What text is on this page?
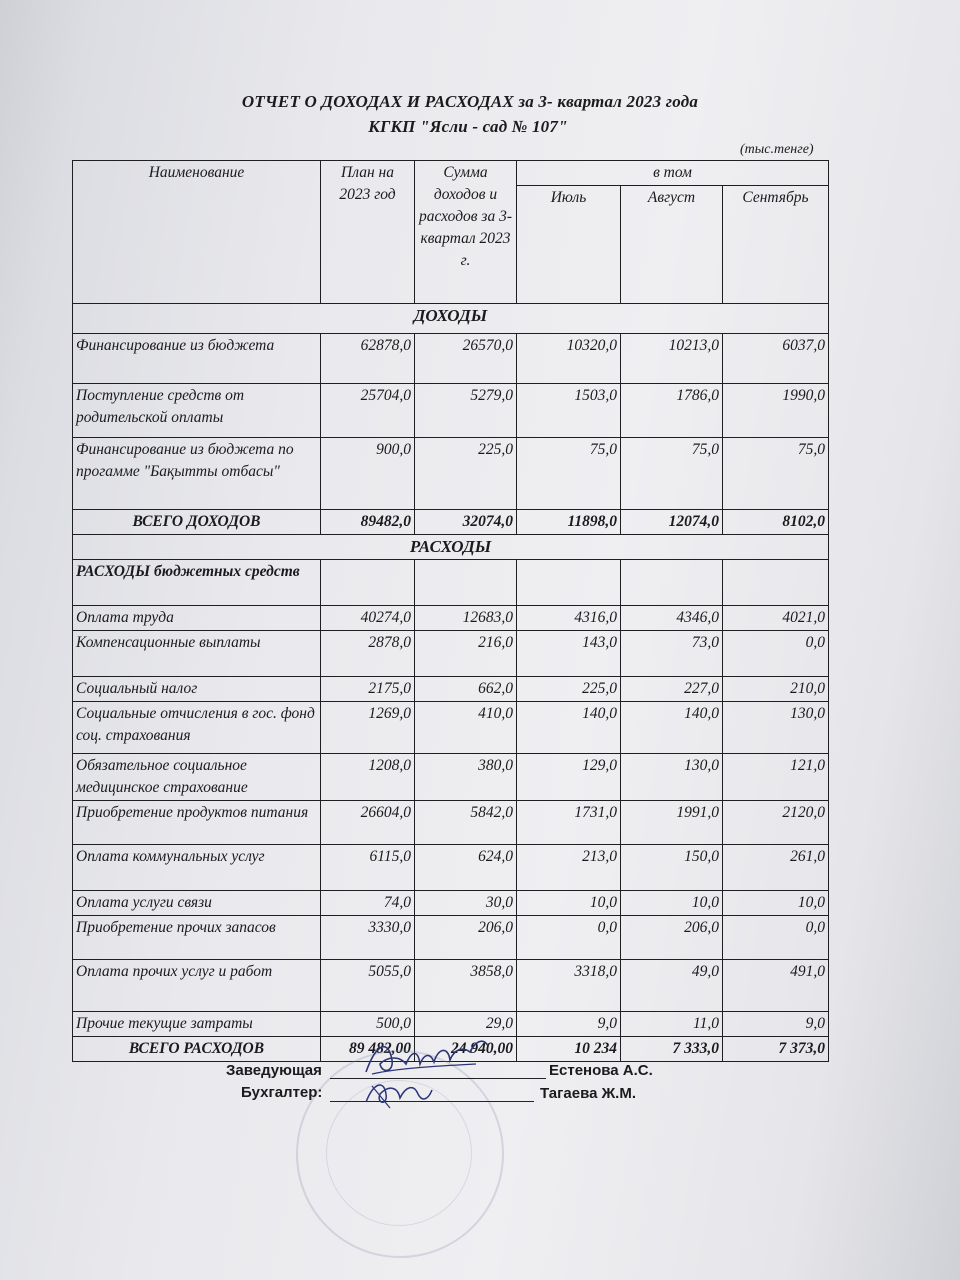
ОТЧЕТ О ДОХОДАХ И РАСХОДАХ за 3- квартал 2023 года
КГКП "Ясли - сад № 107"
(тыс.тенге)
Наименование	План на 2023 год	Сумма доходов и расходов за 3- квартал 2023 г.	в том		
			Июль	Август	Сентябрь
ДОХОДЫ					
Финансирование из бюджета	62878,0	26570,0	10320,0	10213,0	6037,0
Поступление средств от родительской оплаты	25704,0	5279,0	1503,0	1786,0	1990,0
Финансирование из бюджета по прогамме "Бақытты отбасы"	900,0	225,0	75,0	75,0	75,0
ВСЕГО ДОХОДОВ	89482,0	32074,0	11898,0	12074,0	8102,0
РАСХОДЫ					
РАСХОДЫ бюджетных средств					
Оплата труда	40274,0	12683,0	4316,0	4346,0	4021,0
Компенсационные выплаты	2878,0	216,0	143,0	73,0	0,0
Социальный налог	2175,0	662,0	225,0	227,0	210,0
Социальные отчисления в гос. фонд соц. страхования	1269,0	410,0	140,0	140,0	130,0
Обязательное социальное медицинское страхование	1208,0	380,0	129,0	130,0	121,0
Приобретение продуктов питания	26604,0	5842,0	1731,0	1991,0	2120,0
Оплата коммунальных услуг	6115,0	624,0	213,0	150,0	261,0
Оплата услуги связи	74,0	30,0	10,0	10,0	10,0
Приобретение прочих запасов	3330,0	206,0	0,0	206,0	0,0
Оплата прочих услуг и работ	5055,0	3858,0	3318,0	49,0	491,0
Прочие текущие затраты	500,0	29,0	9,0	11,0	9,0
ВСЕГО РАСХОДОВ	89 482,00	24 940,00	10 234	7 333,0	7 373,0
Заведующая	Естенова А.С.
Бухгалтер:	Тагаева Ж.М.
